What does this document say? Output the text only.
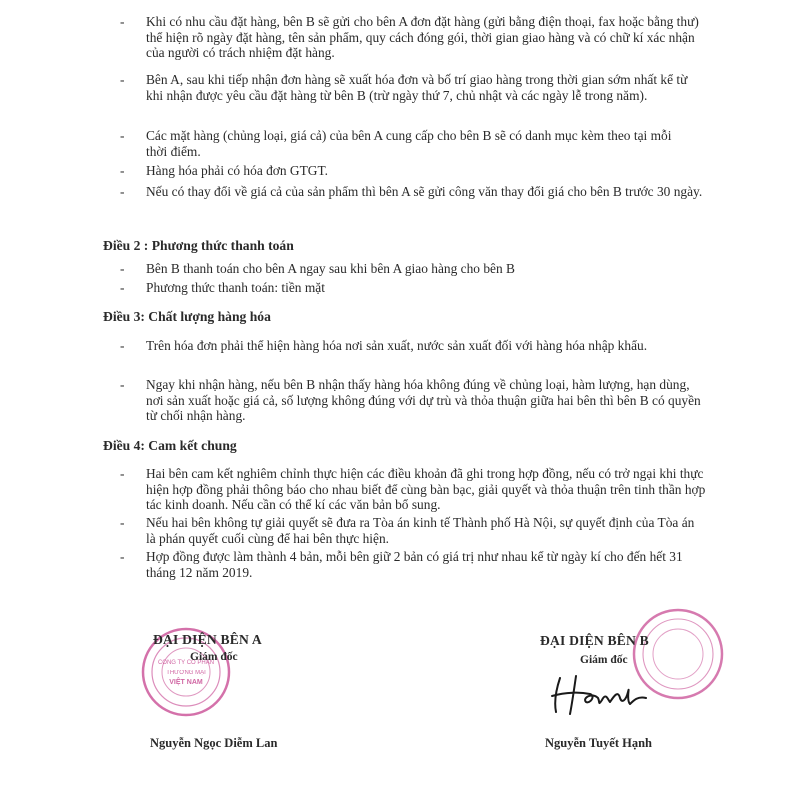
- Khi có nhu cầu đặt hàng, bên B sẽ gửi cho bên A đơn đặt hàng (gửi bằng điện thoại, fax hoặc bằng thư) thể hiện rõ ngày đặt hàng, tên sản phẩm, quy cách đóng gói, thời gian giao hàng và có chữ kí xác nhận của người có trách nhiệm đặt hàng.
- Bên A, sau khi tiếp nhận đơn hàng sẽ xuất hóa đơn và bố trí giao hàng trong thời gian sớm nhất kể từ khi nhận được yêu cầu đặt hàng từ bên B (trừ ngày thứ 7, chủ nhật và các ngày lễ trong năm).
- Các mặt hàng (chủng loại, giá cả) của bên A cung cấp cho bên B sẽ có danh mục kèm theo tại mỗi thời điểm.
- Hàng hóa phải có hóa đơn GTGT.
- Nếu có thay đổi về giá cả của sản phẩm thì bên A sẽ gửi công văn thay đổi giá cho bên B trước 30 ngày.
Điều 2 : Phương thức thanh toán
- Bên B thanh toán cho bên A ngay sau khi bên A giao hàng cho bên B
- Phương thức thanh toán: tiền mặt
Điều 3: Chất lượng hàng hóa
- Trên hóa đơn phải thể hiện hàng hóa nơi sản xuất, nước sản xuất đối với hàng hóa nhập khẩu.
- Ngay khi nhận hàng, nếu bên B nhận thấy hàng hóa không đúng về chủng loại, hàm lượng, hạn dùng, nơi sản xuất hoặc giá cả, số lượng không đúng với dự trù và thỏa thuận giữa hai bên thì bên B có quyền từ chối nhận hàng.
Điều 4: Cam kết chung
- Hai bên cam kết nghiêm chỉnh thực hiện các điều khoản đã ghi trong hợp đồng, nếu có trở ngại khi thực hiện hợp đồng phải thông báo cho nhau biết để cùng bàn bạc, giải quyết và thỏa thuận trên tinh thần hợp tác kinh doanh. Nếu cần có thể kí các văn bản bổ sung.
- Nếu hai bên không tự giải quyết sẽ đưa ra Tòa án kinh tế Thành phố Hà Nội, sự quyết định của Tòa án là phán quyết cuối cùng để hai bên thực hiện.
- Hợp đồng được làm thành 4 bản, mỗi bên giữ 2 bản có giá trị như nhau kể từ ngày kí cho đến hết 31 tháng 12 năm 2019.
CÔNG TY CỔ PHẦN
THƯƠNG MẠI
VIỆT NAM
ĐẠI DIỆN BÊN A
Giám đốc
Nguyễn Ngọc Diễm Lan
ĐẠI DIỆN BÊN B
Giám đốc
Nguyễn Tuyết Hạnh
